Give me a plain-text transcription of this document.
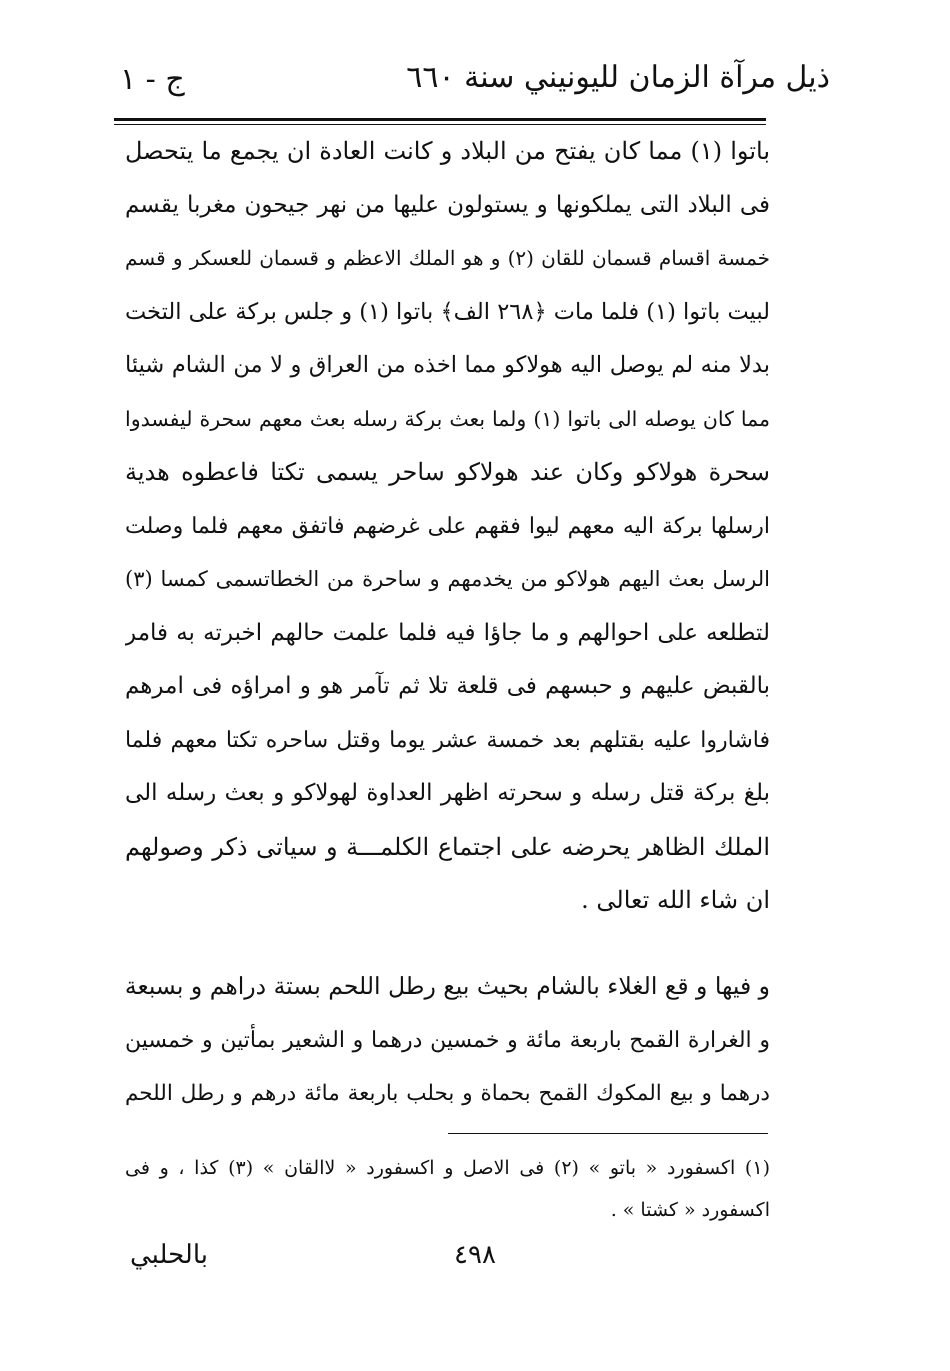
ذيل مرآة الزمان لليونيني سنة ٦٦٠
ج - ١
باتوا (١) مما كان يفتح من البلاد و كانت العادة ان يجمع ما يتحصل
فى البلاد التى يملكونها و يستولون عليها من نهر جيحون مغربا يقسم
خمسة اقسام قسمان للقان (٢) و هو الملك الاعظم و قسمان للعسكر و قسم
لبيت باتوا (١) فلما مات ﴿٢٦٨ الف﴾ باتوا (١) و جلس بركة على التخت
بدلا منه لم يوصل اليه هولاكو مما اخذه من العراق و لا من الشام شيئا
مما كان يوصله الى باتوا (١) ولما بعث بركة رسله بعث معهم سحرة ليفسدوا
سحرة هولاكو وكان عند هولاكو ساحر يسمى تكتا فاعطوه هدية
ارسلها بركة اليه معهم ليوا فقهم على غرضهم فاتفق معهم فلما وصلت
الرسل بعث اليهم هولاكو من يخدمهم و ساحرة من الخطاتسمى كمسا (٣)
لتطلعه على احوالهم و ما جاؤا فيه فلما علمت حالهم اخبرته به فامر
بالقبض عليهم و حبسهم فى قلعة تلا ثم تآمر هو و امراؤه فى امرهم
فاشاروا عليه بقتلهم بعد خمسة عشر يوما وقتل ساحره تكتا معهم فلما
بلغ بركة قتل رسله و سحرته اظهر العداوة لهولاكو و بعث رسله الى
الملك الظاهر يحرضه على اجتماع الكلمـــة و سياتى ذكر وصولهم
ان شاء الله تعالى .
و فيها و قع الغلاء بالشام بحيث بيع رطل اللحم بستة دراهم و بسبعة
و الغرارة القمح باربعة مائة و خمسين درهما و الشعير بمأتين و خمسين
درهما و بيع المكوك القمح بحماة و بحلب باربعة مائة درهم و رطل اللحم
(١) اكسفورد « باتو » (٢) فى الاصل و اكسفورد « لاالقان » (٣) كذا ، و فى
اكسفورد « كشتا » .
٤٩٨
بالحلبي
